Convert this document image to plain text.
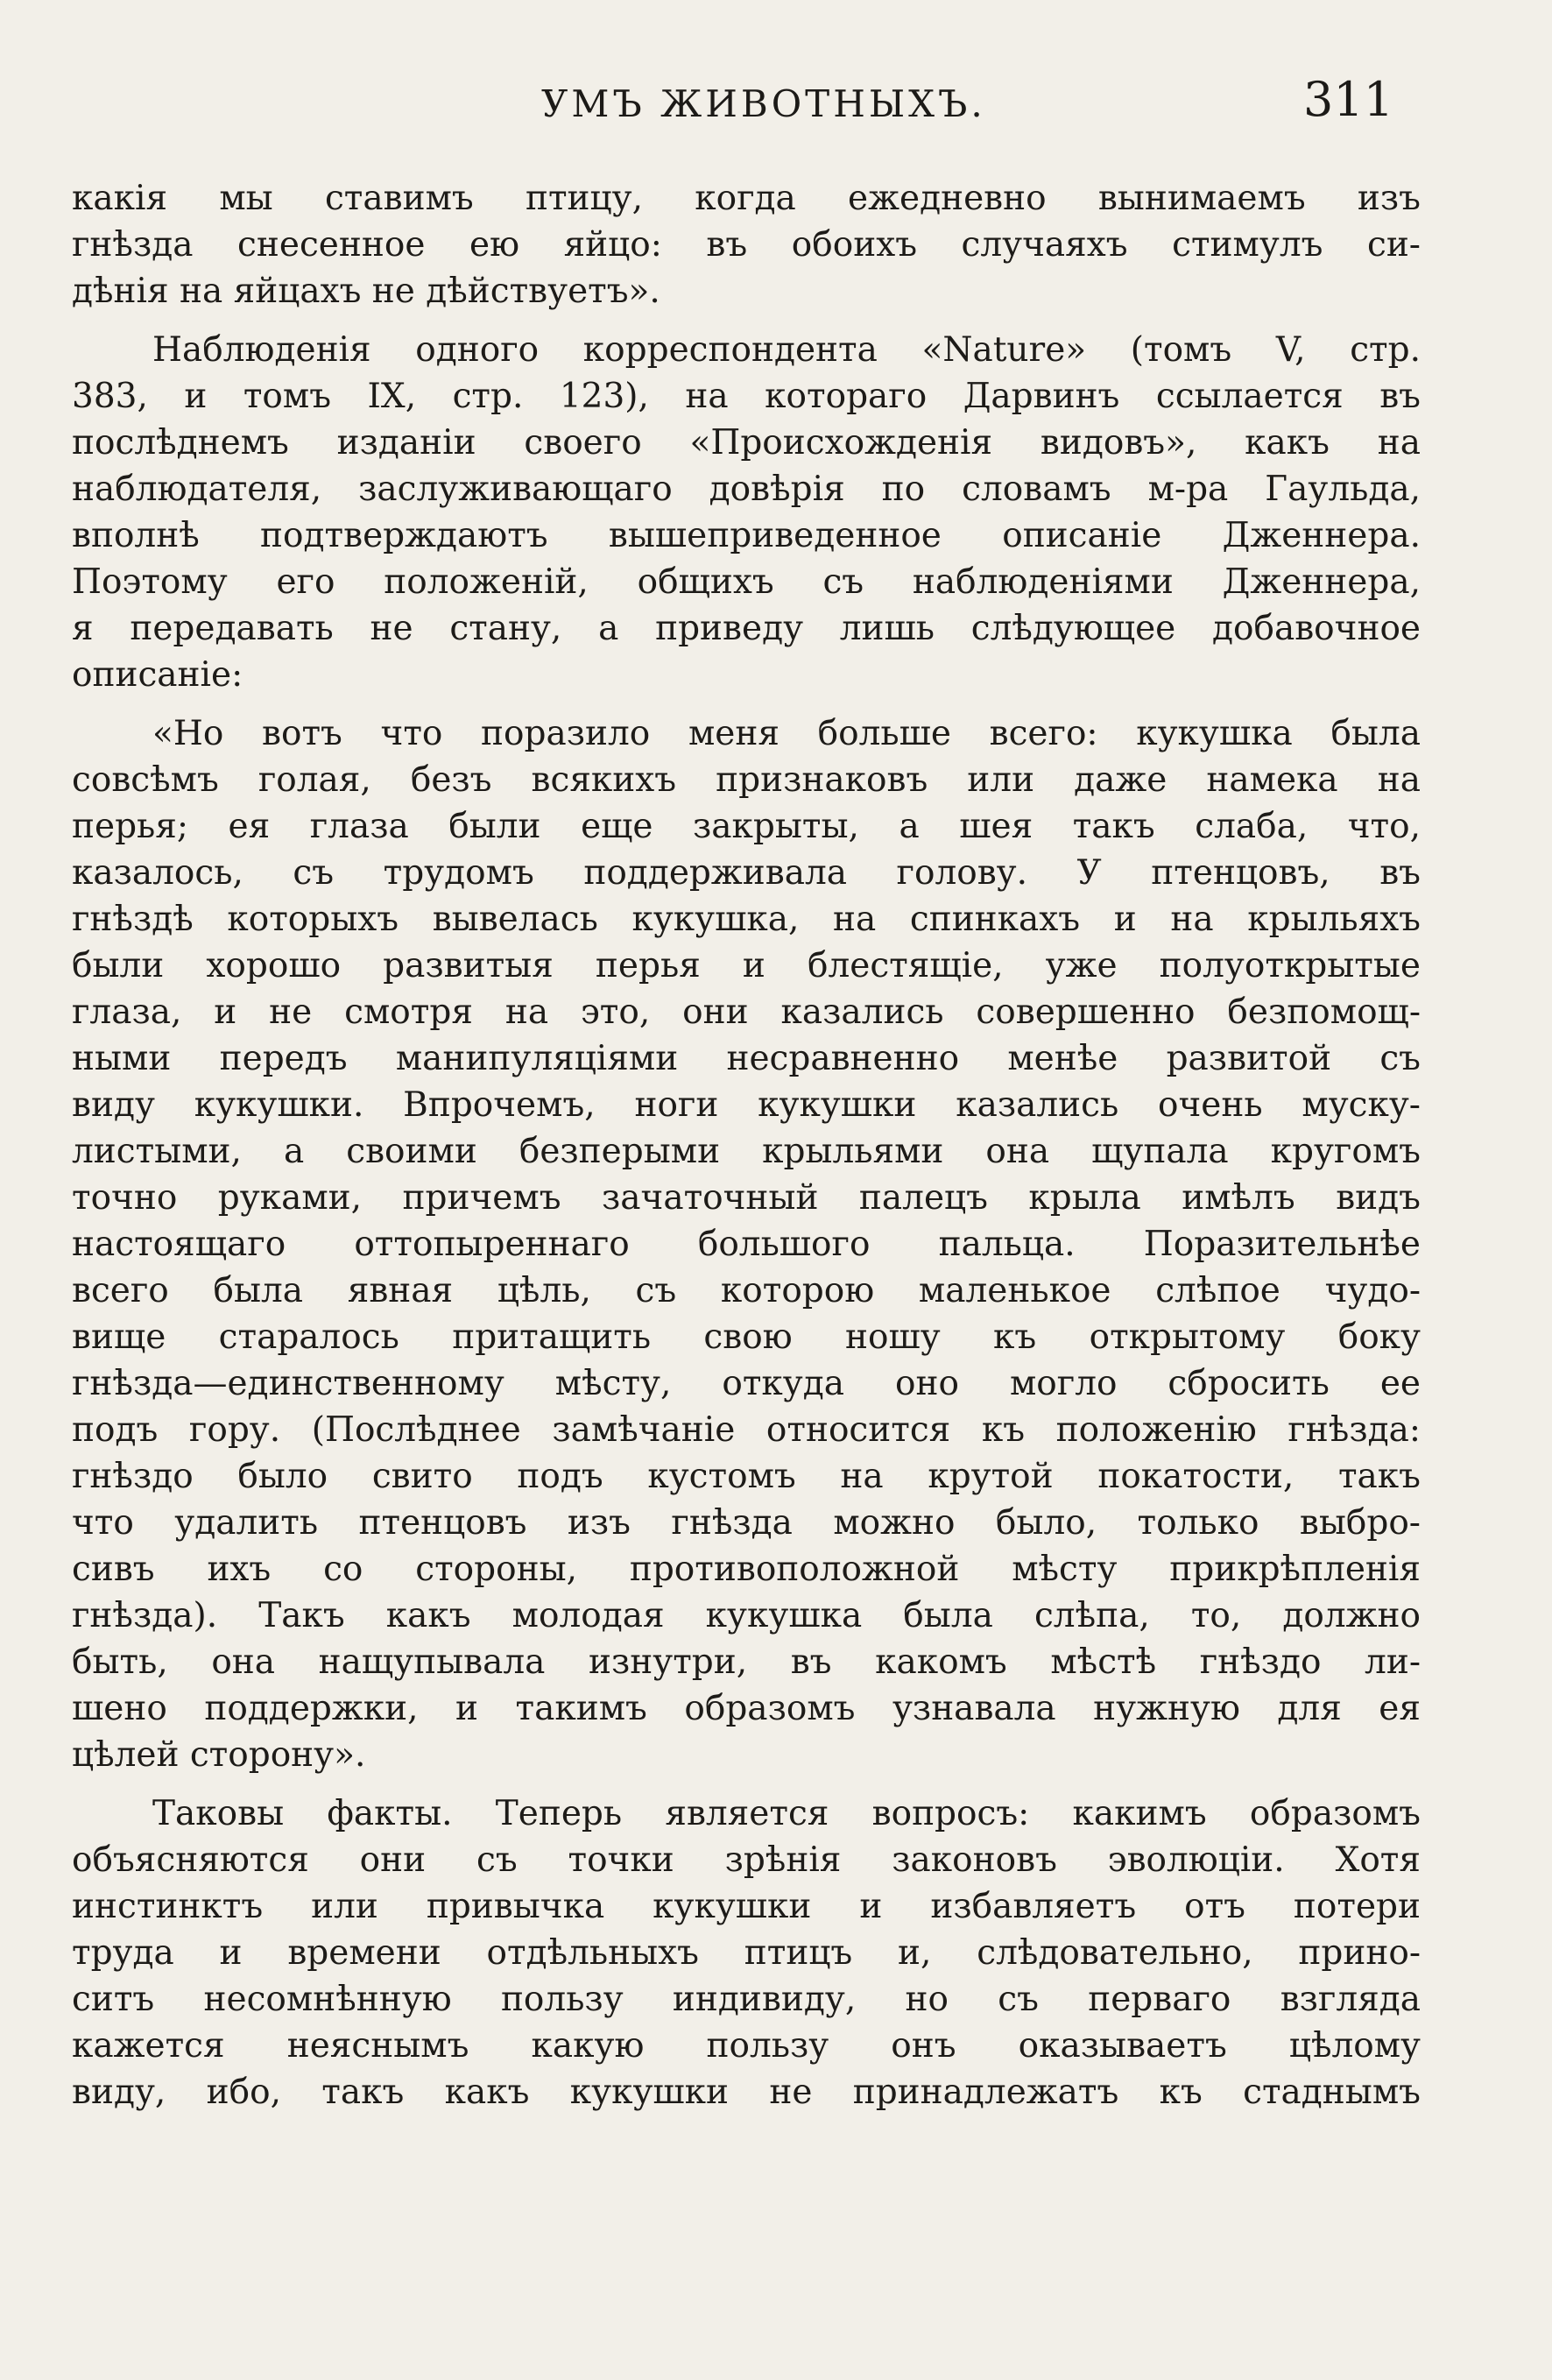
УМЪ ЖИВОТНЫХЪ.	311
какія мы ставимъ птицу, когда ежедневно вынимаемъ изъ
гнѣзда снесенное ею яйцо: въ обоихъ случаяхъ стимулъ си-
дѣнія на яйцахъ не дѣйствуетъ».
Наблюденія одного корреспондента «Nature» (томъ V, стр.
383, и томъ IX, стр. 123), на котораго Дарвинъ ссылается въ
послѣднемъ изданіи своего «Происхожденія видовъ», какъ на
наблюдателя, заслуживающаго довѣрія по словамъ м-ра Гаульда,
вполнѣ подтверждаютъ вышеприведенное описаніе Дженнера.
Поэтому его положеній, общихъ съ наблюденіями Дженнера,
я передавать не стану, а приведу лишь слѣдующее добавочное
описаніе:
«Но вотъ что поразило меня больше всего: кукушка была
совсѣмъ голая, безъ всякихъ признаковъ или даже намека на
перья; ея глаза были еще закрыты, а шея такъ слаба, что,
казалось, съ трудомъ поддерживала голову. У птенцовъ, въ
гнѣздѣ которыхъ вывелась кукушка, на спинкахъ и на крыльяхъ
были хорошо развитыя перья и блестящіе, уже полуоткрытые
глаза, и не смотря на это, они казались совершенно безпомощ-
ными передъ манипуляціями несравненно менѣе развитой съ
виду кукушки. Впрочемъ, ноги кукушки казались очень муску-
листыми, а своими безперыми крыльями она щупала кругомъ
точно руками, причемъ зачаточный палецъ крыла имѣлъ видъ
настоящаго оттопыреннаго большого пальца. Поразительнѣе
всего была явная цѣль, съ которою маленькое слѣпое чудо-
вище старалось притащить свою ношу къ открытому боку
гнѣзда—единственному мѣсту, откуда оно могло сбросить ее
подъ гору. (Послѣднее замѣчаніе относится къ положенію гнѣзда:
гнѣздо было свито подъ кустомъ на крутой покатости, такъ
что удалить птенцовъ изъ гнѣзда можно было, только выбро-
сивъ ихъ со стороны, противоположной мѣсту прикрѣпленія
гнѣзда). Такъ какъ молодая кукушка была слѣпа, то, должно
быть, она нащупывала изнутри, въ какомъ мѣстѣ гнѣздо ли-
шено поддержки, и такимъ образомъ узнавала нужную для ея
цѣлей сторону».
Таковы факты. Теперь является вопросъ: какимъ образомъ
объясняются они съ точки зрѣнія законовъ эволюціи. Хотя
инстинктъ или привычка кукушки и избавляетъ отъ потери
труда и времени отдѣльныхъ птицъ и, слѣдовательно, прино-
ситъ несомнѣнную пользу индивиду, но съ перваго взгляда
кажется неяснымъ какую пользу онъ оказываетъ цѣлому
виду, ибо, такъ какъ кукушки не принадлежатъ къ стаднымъ
